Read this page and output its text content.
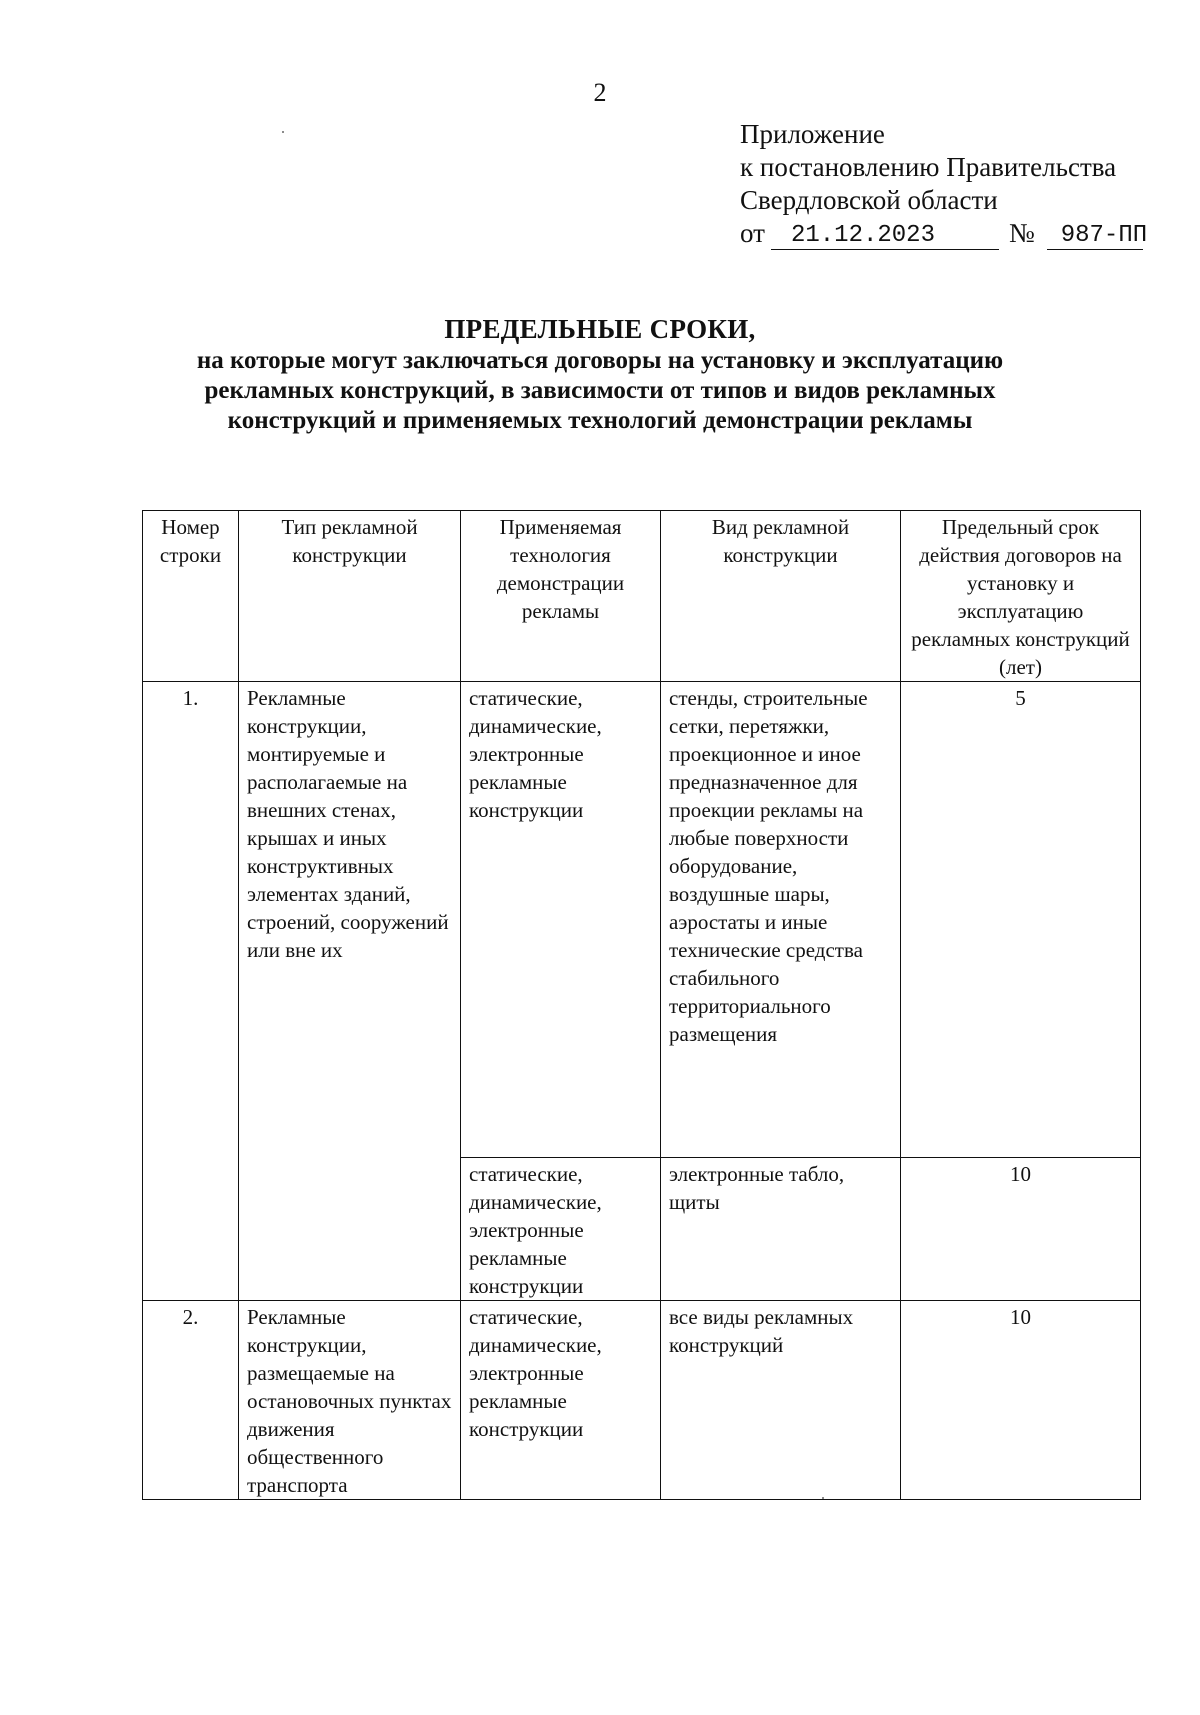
2
Приложение
к постановлению Правительства
Свердловской области
от	21.12.2023	№	987-ПП
ПРЕДЕЛЬНЫЕ СРОКИ,
на которые могут заключаться договоры на установку и эксплуатацию
рекламных конструкций, в зависимости от типов и видов рекламных
конструкций и применяемых технологий демонстрации рекламы
Номер строки	Тип рекламной конструкции	Применяемая технология демонстрации рекламы	Вид рекламной конструкции	Предельный срок действия договоров на установку и эксплуатацию рекламных конструкций (лет)
1.	Рекламные конструкции, монтируемые и располагаемые на внешних стенах, крышах и иных конструктивных элементах зданий, строений, сооружений или вне их	статические, динамические, электронные рекламные конструкции	стенды, строительные сетки, перетяжки, проекционное и иное предназначенное для проекции рекламы на любые поверхности оборудование, воздушные шары, аэростаты и иные технические средства стабильного территориального размещения	5
		статические, динамические, электронные рекламные конструкции	электронные табло, щиты	10
2.	Рекламные конструкции, размещаемые на остановочных пунктах движения общественного транспорта	статические, динамические, электронные рекламные конструкции	все виды рекламных конструкций	10
